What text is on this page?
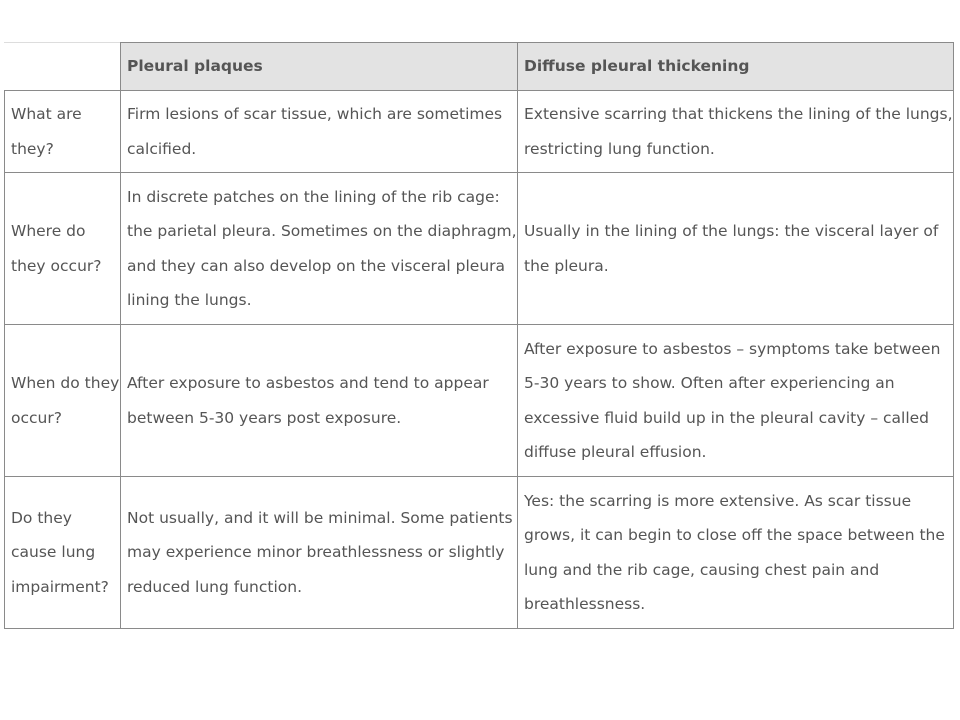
	Pleural plaques	Diffuse pleural thickening
What are they?	Firm lesions of scar tissue, which are sometimes calcified.	Extensive scarring that thickens the lining of the lungs, restricting lung function.
Where do they occur?	In discrete patches on the lining of the rib cage: the parietal pleura. Sometimes on the diaphragm, and they can also develop on the visceral pleura lining the lungs.	Usually in the lining of the lungs: the visceral layer of the pleura.
When do they occur?	After exposure to asbestos and tend to appear between 5-30 years post exposure.	After exposure to asbestos – symptoms take between 5-30 years to show. Often after experiencing an excessive fluid build up in the pleural cavity – called diffuse pleural effusion.
Do they cause lung impairment?	Not usually, and it will be minimal. Some patients may experience minor breathlessness or slightly reduced lung function.	Yes: the scarring is more extensive. As scar tissue grows, it can begin to close off the space between the lung and the rib cage, causing chest pain and breathlessness.
